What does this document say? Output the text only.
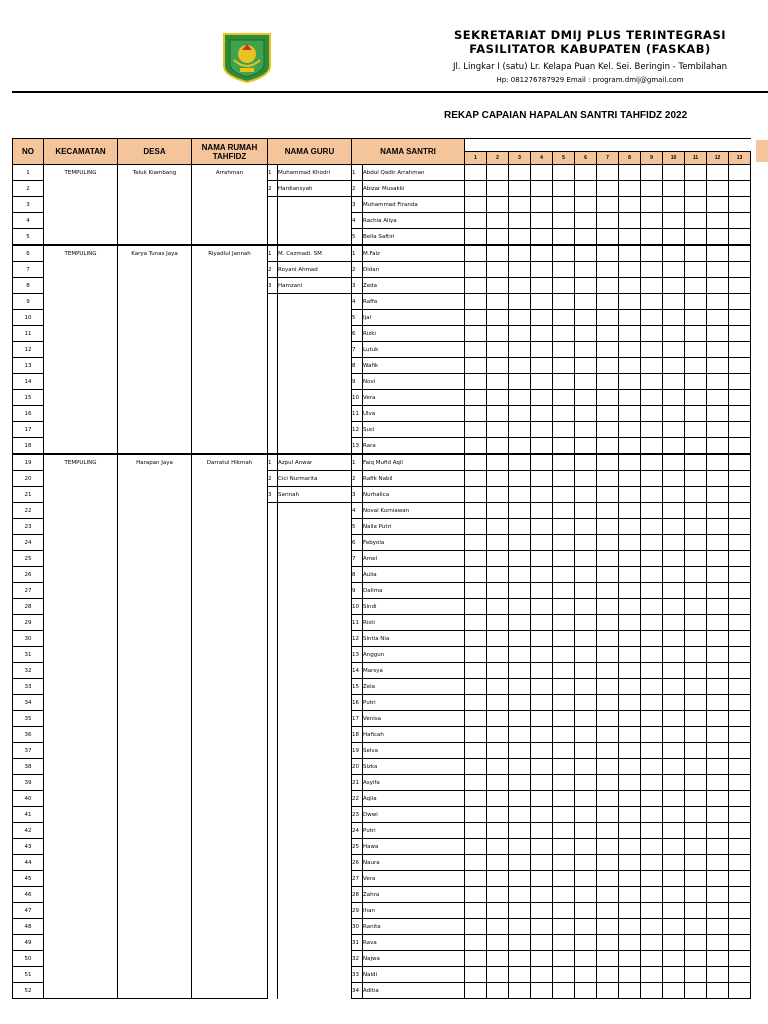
SEKRETARIAT DMIJ PLUS TERINTEGRASI
FASILITATOR KABUPATEN (FASKAB)
Jl. Lingkar I (satu) Lr. Kelapa Puan Kel. Sei. Beringin - Tembilahan
Hp: 081276787929 Email : program.dmij@gmail.com
REKAP CAPAIAN HAPALAN SANTRI TAHFIDZ 2022
NO	KECAMATAN	DESA	NAMA RUMAH TAHFIDZ	NAMA GURU		NAMA SANTRI														
								1	2	3	4	5	6	7	8	9	10	11	12	13
1	TEMPULING	Teluk Kiambang	Arrahman	1	Muhammad Khodri	1	Abdul Qadir Arrahman													
2				2	Hardiansyah	2	Abizar Musakki													
3						3	Muhammad Firanda													
4						4	Rachia Aliya													
5						5	Bella Saftiri													
6	TEMPULING	Karya Tunas Jaya	Riyadlul Jannah	1	M. Cezmadi. SM	1	M.Faiz													
7				2	Royani Ahmad	2	Didan													
8				3	Hamzani	3	Zeda													
9						4	Raffa													
10						5	Ijal													
11						6	Rizki													
12						7	Lutuk													
13						8	Wafik													
14						9	Novi													
15						10	Vera													
16						11	Ulva													
17						12	Suci													
18						13	Rara													
19	TEMPULING	Harapan Jaya	Darratul Hikmah	1	Azpul Anwar	1	Faiq Mufid Aqil													
20				2	Cici Nurmarita	2	Rafik Nabil													
21				3	Sarinah	3	Nurhalica													
22						4	Noval Kurniawan													
23						5	Naila Putri													
24						6	Febyola													
25						7	Amel													
26						8	Aulia													
27						9	Dalima													
28						10	Sindi													
29						11	Risti													
30						12	Sintia Nia													
31						13	Anggun													
32						14	Marsya													
33						15	Zela													
34						16	Putri													
35						17	Venisa													
36						18	Haficah													
37						19	Selva													
38						20	Sizka													
39						21	Asyifa													
40						22	Aqila													
41						23	Dwwi													
42						24	Putri													
43						25	Hawa													
44						26	Naura													
45						27	Vera													
46						28	Zahra													
47						29	Ihan													
48						30	Ranita													
49						31	Rava													
50						32	Najwa													
51						33	Naldi													
52						34	Adltia													
